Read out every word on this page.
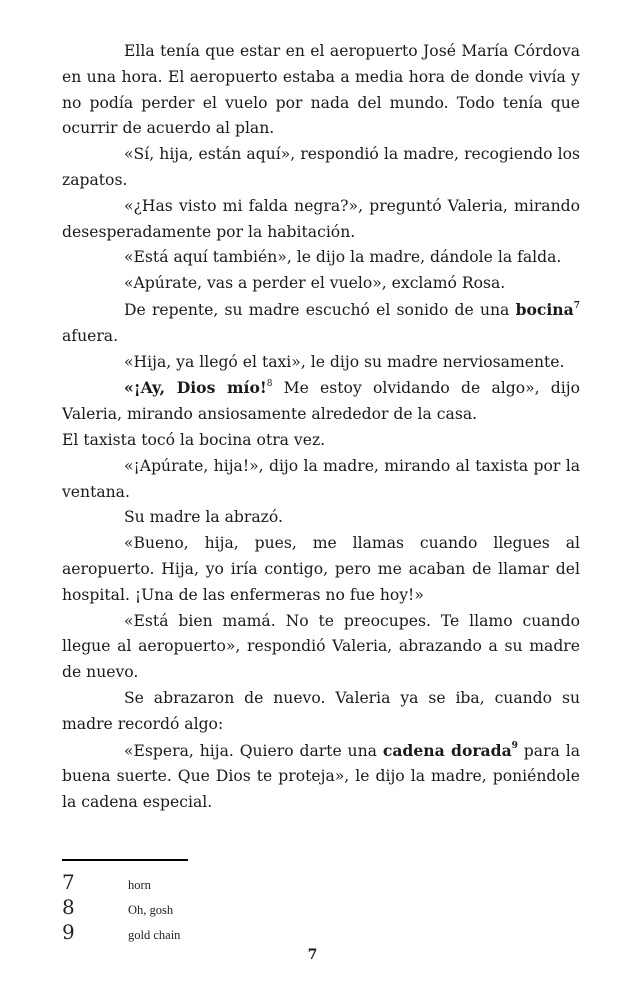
Ella tenía que estar en el aeropuerto José María Córdova en una hora. El aeropuerto estaba a media hora de donde vivía y no podía perder el vuelo por nada del mundo. Todo tenía que ocurrir de acuerdo al plan.

«Sí, hija, están aquí», respondió la madre, recogiendo los zapatos.

«¿Has visto mi falda negra?», preguntó Valeria, mirando desesperadamente por la habitación.

«Está aquí también», le dijo la madre, dándole la falda.

«Apúrate, vas a perder el vuelo», exclamó Rosa.

De repente, su madre escuchó el sonido de una bocina$^7$ afuera.

«Hija, ya llegó el taxi», le dijo su madre nerviosamente.

«¡Ay, Dios mío!$^8$ Me estoy olvidando de algo», dijo Valeria, mirando ansiosamente alrededor de la casa.

El taxista tocó la bocina otra vez.

«¡Apúrate, hija!», dijo la madre, mirando al taxista por la ventana.

Su madre la abrazó.

«Bueno, hija, pues, me llamas cuando llegues al aeropuerto. Hija, yo iría contigo, pero me acaban de llamar del hospital. ¡Una de las enfermeras no fue hoy!»

«Está bien mamá. No te preocupes. Te llamo cuando llegue al aeropuerto», respondió Valeria, abrazando a su madre de nuevo.

Se abrazaron de nuevo. Valeria ya se iba, cuando su madre recordó algo:

«Espera, hija. Quiero darte una cadena dorada$^9$ para la buena suerte. Que Dios te proteja», le dijo la madre, poniéndole la cadena especial.

7	horn
8	Oh, gosh
9	gold chain
7
